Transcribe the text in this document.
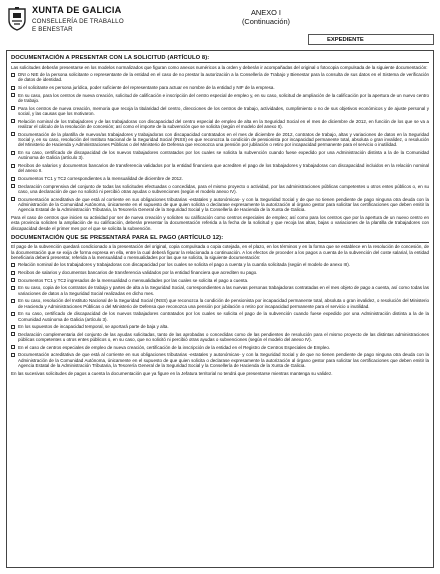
XUNTA DE GALICIA
CONSELLERÍA DE TRABALLO
E BENESTAR
ANEXO I
(Continuación)
EXPEDIENTE
DOCUMENTACIÓN A PRESENTAR CON LA SOLICITUD (ARTÍCULO 8):
Las solicitudes deberán presentarse en los modelos normalizados que figuran como anexos numéricos a la orden y deberán ir acompañadas del original o fotocopia compulsada de la siguiente documentación:
DNI o NIE de la persona solicitante o representante de la entidad en el caso de no prestar la autorización a la Consellería de Trabajo y Bienestar para la consulta de sus datos en el Sistema de verificación de datos de identidad.
Si el solicitante es persona jurídica, poder suficiente del representante para actuar en nombre de la entidad y NIF de la empresa.
En su caso, para los centros de nueva creación, solicitud de calificación e inscripción del centro especial de empleo y, en su caso, solicitud de ampliación de la calificación por la apertura de un nuevo centro de trabajo.
Para los centros de nueva creación, memoria que recoja la titularidad del centro, direcciones de los centros de trabajo, actividades, cumplimiento o no de sus objetivos económicos y de ajuste personal y social, y las causas que los motivaron.
Relación nominal de los trabajadores y de las trabajadoras con discapacidad del centro especial de empleo de alta en la Seguridad Social en el mes de diciembre de 2012, en función de los que se va a realizar el cálculo de la resolución de concesión; así como el importe de la subvención que se solicita (según el modelo del anexo II).
Documentación de la plantilla de nuevos/as trabajadores y trabajadoras con discapacidad contratados en el mes de diciembre de 2012, contratos de trabajo, altas y variaciones de datos en la Seguridad Social y, en su caso, resolución del Instituto Nacional de la Seguridad Social (INSS) en que reconozca la condición de pensionista por incapacidad permanente total, absoluta o gran invalidez, o resolución del Ministerio de Hacienda y Administraciones Públicas o del Ministerio de Defensa que reconozca una pensión por jubilación o retiro por incapacidad permanente para el servicio o inutilidad.
En su caso, certificado de discapacidad de los nuevos trabajadores contratados por los cuales se solicita la subvención cuando fuese expedido por una Administración distinta a la de la Comunidad Autónoma de Galicia (artículo 3).
Recibos de salarios y documentos bancarios de transferencia validados por la entidad financiera que acrediten el pago de los trabajadores y trabajadoras con discapacidad incluidos en la relación nominal del anexo II.
Documentos TC1 y TC2 correspondientes a la mensualidad de diciembre de 2012.
Declaración comprensiva del conjunto de todas las solicitudes efectuadas o concedidas, para el mismo proyecto o actividad, por las administraciones públicas competentes u otros entes públicos o, en su caso, una declaración de que no solicitó ni percibió otras ayudas o subvenciones (según el modelo anexo IV).
Documentación acreditativa de que está al corriente en sus obligaciones tributarias -estatales y autonómicas- y con la Seguridad Social y de que no tienen pendiente de pago ninguna otra deuda con la Administración de la Comunidad Autónoma, únicamente en el supuesto de que quien solicita o declarase expresamente la autorización al órgano gestor para solicitar las certificaciones que deben emitir la Agencia Estatal de la Administración Tributaria, la Tesorería General de la Seguridad Social y la Consellería de Hacienda de la Xunta de Galicia.
Para el caso de centros que inicien su actividad por ser de nueva creación y soliciten su calificación como centros especiales de empleo; así como para los centros que por la apertura de un nuevo centro en esta provincia soliciten la ampliación de su calificación, deberán presentar la documentación referida a la fecha de la solicitud y que recoja las altas, bajas o variaciones de la plantilla de trabajadores con discapacidad desde el primer mes por el que se solicita la subvención.
DOCUMENTACIÓN QUE SE PRESENTARÁ PARA EL PAGO (ARTÍCULO 12):
El pago de la subvención quedará condicionado a la presentación del original, copia compulsada o copia cotejada, en el plazo, en los términos y en la forma que se establece en la resolución de concesión, de la documentación que se exija de forma expresa en ella, entre la cual deberá figurar la relacionada a continuación. A los efectos de proceder a los pagos a cuenta de la subvención del coste salarial, la entidad beneficiaria deberá presentar, referida a la mensualidad o mensualidades por las que se solicita, la siguiente documentación:
Relación nominal de los trabajadores y trabajadoras con discapacidad por los cuales se solicita el pago a cuenta y la cuantía solicitada (según el modelo de anexo III).
Recibos de salarios y documentos bancarios de transferencia validados por la entidad financiera que acrediten su pago.
Documentos TC1 y TC2 ingresados de la mensualidad o mensualidades por las cuales se solicita el pago a cuenta.
En su caso, copia de los contratos de trabajo y partes de alta a la Seguridad Social, correspondientes a las nuevas personas trabajadoras contratadas en el mes objeto de pago a cuenta, así como todas las variaciones de datos a la Seguridad Social realizadas en dicho mes.
En su caso, resolución del Instituto Nacional de la Seguridad Social (INSS) que reconozca la condición de pensionista por incapacidad permanente total, absoluta o gran invalidez, o resolución del Ministerio de Hacienda y Administraciones Públicas o del Ministerio de Defensa que reconozca una pensión por jubilación o retiro por incapacidad permanente para el servicio o inutilidad.
En su caso, certificado de discapacidad de los nuevos trabajadores contratados por los cuales se solicita el pago de la subvención cuando fuese expedido por una Administración distinta a la de la Comunidad Autónoma de Galicia (artículo 3).
En los supuestos de incapacidad temporal, se aportará parte de baja y alta.
Declaración complementaria del conjunto de las ayudas solicitadas, tanto de las aprobadas o concedidas como de las pendientes de resolución para el mismo proyecto de las distintas administraciones públicas competentes u otros entes públicos o, en su caso, que no solicitó ni percibió otras ayudas o subvenciones (según el modelo del anexo IV).
En el caso de centros especiales de empleo de nueva creación, certificación de la inscripción de la entidad en el Registro de Centros Especiales de Empleo.
Documentación acreditativa de que está al corriente en sus obligaciones tributarias -estatales y autonómicas- y con la Seguridad Social y de que no tienen pendiente de pago ninguna otra deuda con la Administración de la Comunidad Autónoma, únicamente en el supuesto de que quien solicita o declarase expresamente la autorización al órgano gestor para solicitar las certificaciones que deben emitir la Agencia Estatal de la Administración Tributaria, la Tesorería General de la Seguridad Social y la Consellería de Hacienda de la Xunta de Galicia.
En las sucesivas solicitudes de pagos a cuenta la documentación que ya figure en la Jefatura territorial no tendrá que presentarse mientras mantenga su validez.
